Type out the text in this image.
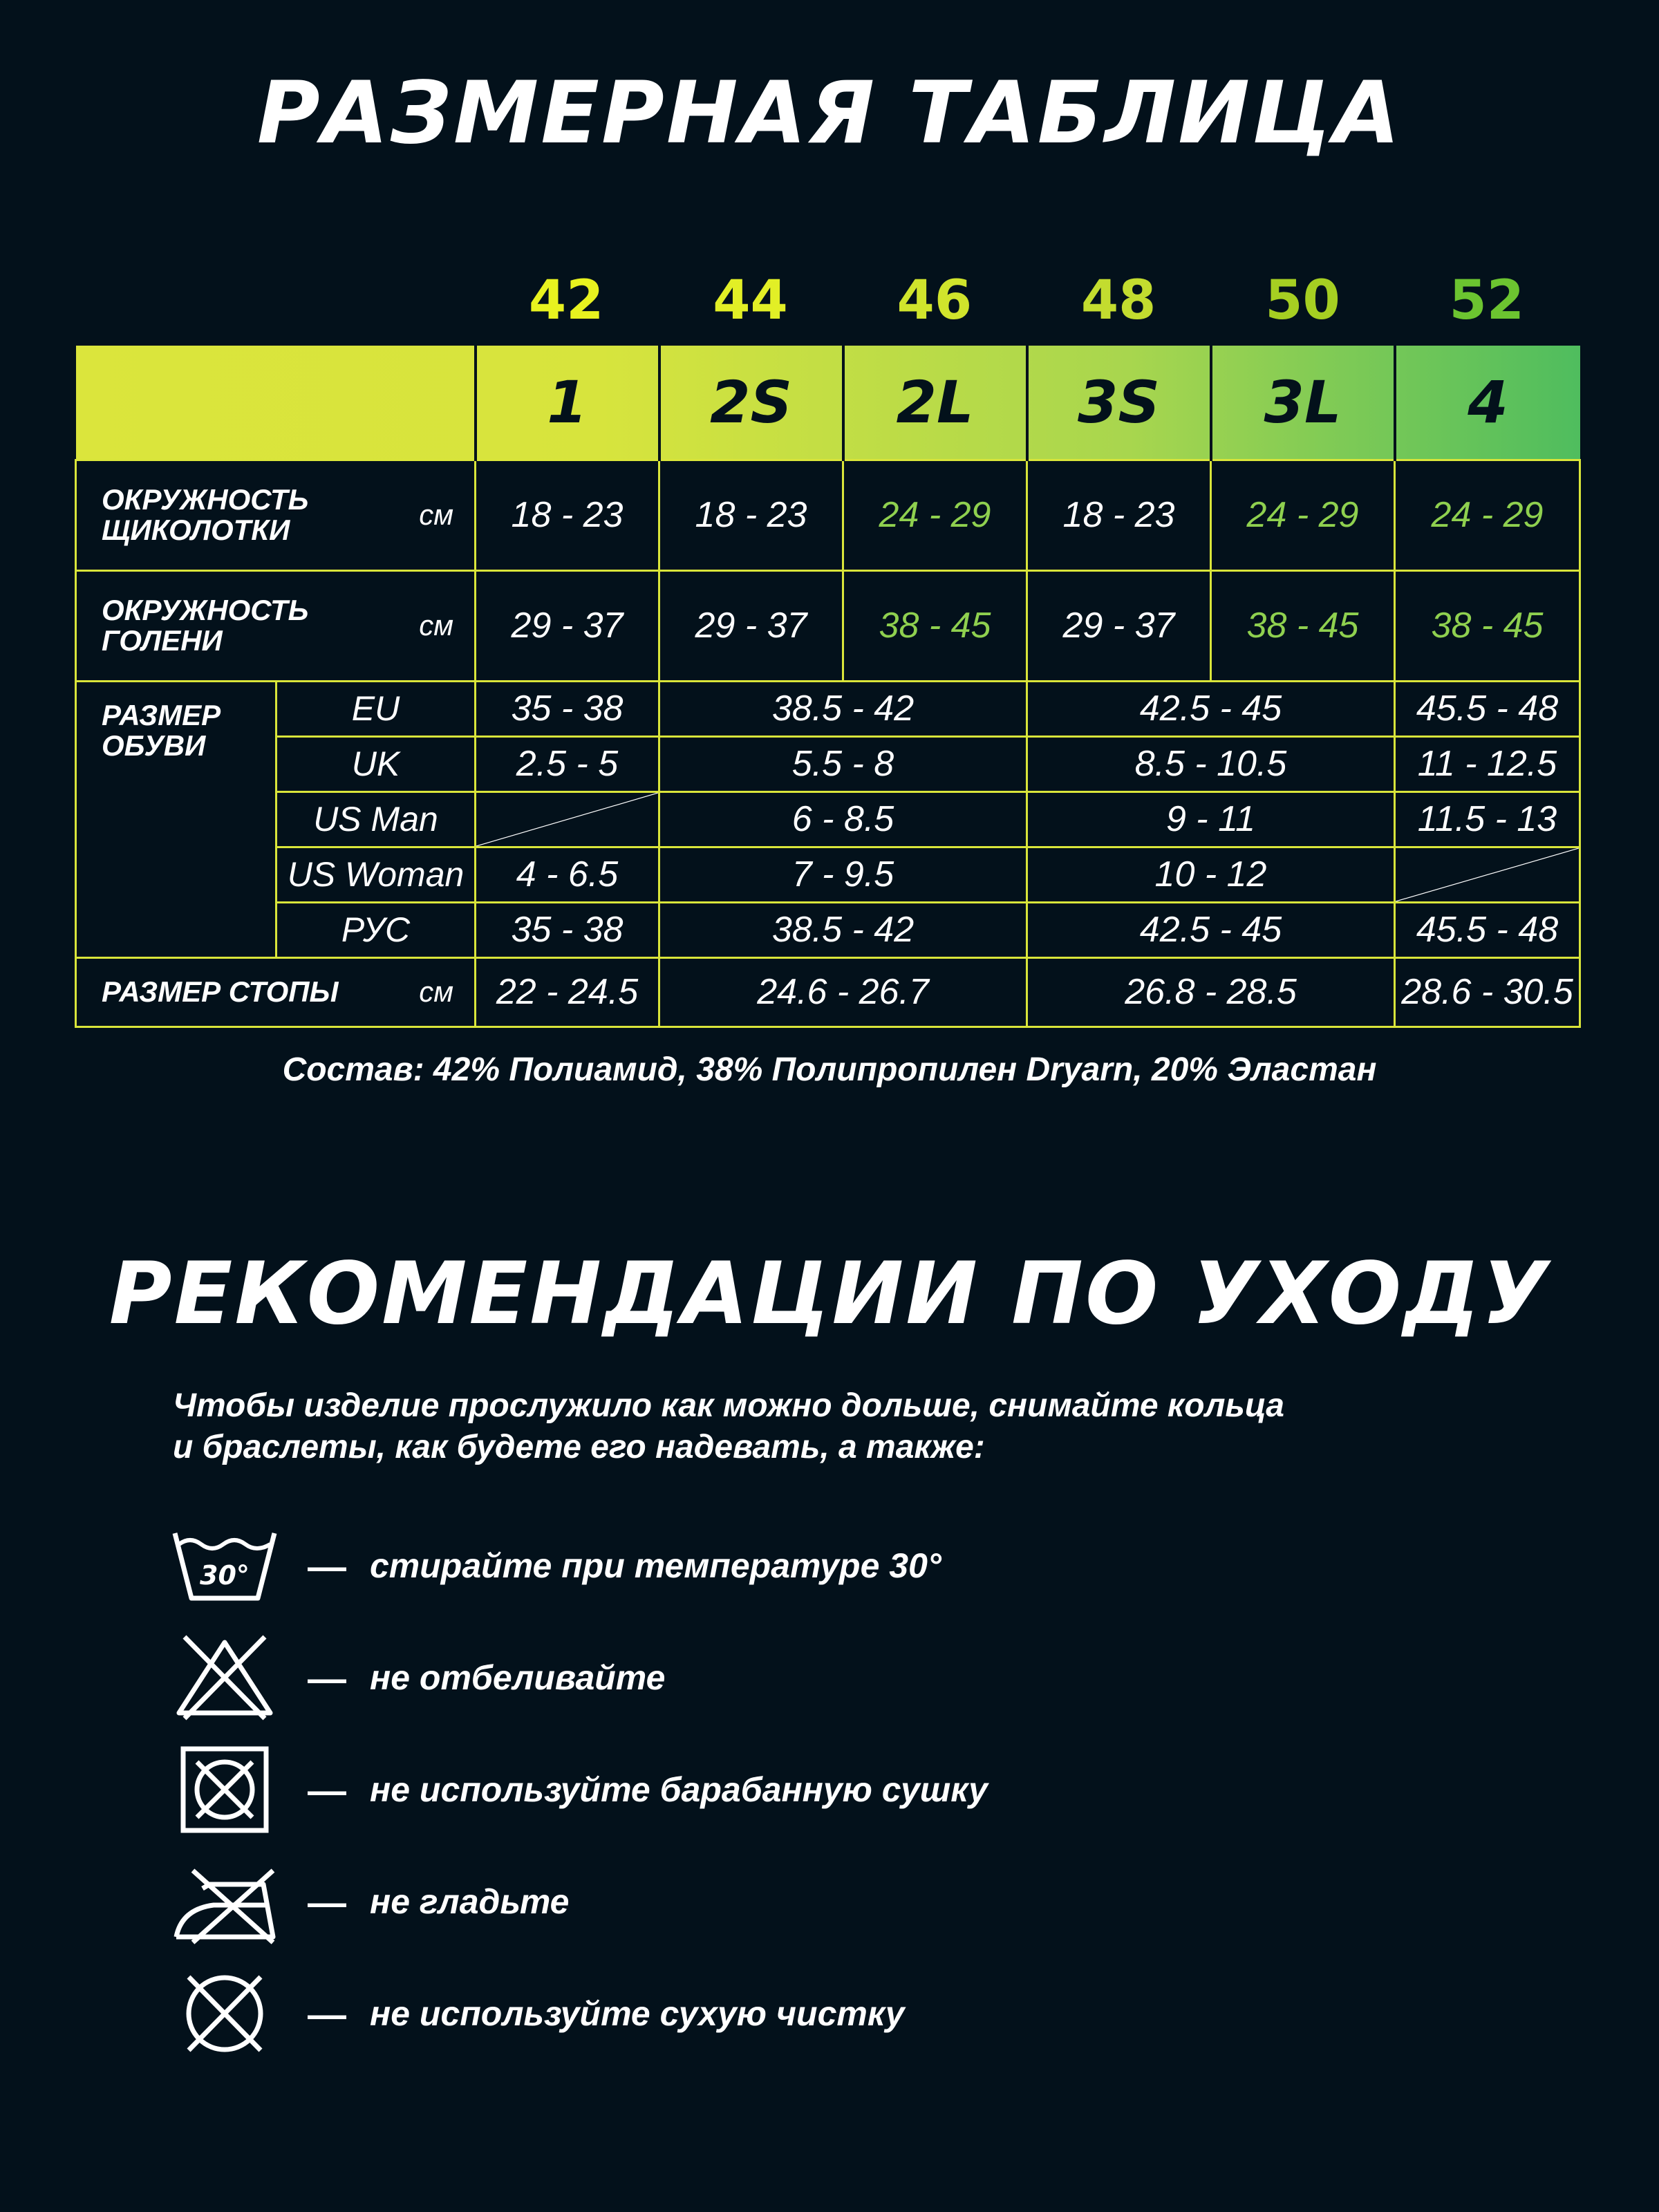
РАЗМЕРНАЯ ТАБЛИЦА
42	44	46	48	50	52
		1	2S	2L	3S	3L	4

ОКРУЖНОСТЬ
ЩИКОЛОТКИ см		18 - 23	18 - 23	24 - 29	18 - 23	24 - 29	24 - 29

ОКРУЖНОСТЬ
ГОЛЕНИ см		29 - 37	29 - 37	38 - 45	29 - 37	38 - 45	38 - 45

РАЗМЕР
ОБУВИ	EU	35 - 38	38.5 - 42		42.5 - 45		45.5 - 48
	UK	2.5 - 5	5.5 - 8		8.5 - 10.5		11 - 12.5
	US Man		6 - 8.5		9 - 11		11.5 - 13
	US Woman	4 - 6.5	7 - 9.5		10 - 12	

	РУС	35 - 38	38.5 - 42		42.5 - 45		45.5 - 48
РАЗМЕР СТОПЫ см		22 - 24.5	24.6 - 26.7		26.8 - 28.5		28.6 - 30.5
Состав: 42% Полиамид, 38% Полипропилен Dryarn, 20% Эластан
РЕКОМЕНДАЦИИ ПО УХОДУ
Чтобы изделие прослужило как можно дольше, снимайте кольца
и браслеты, как будете его надевать, а также:
30° — стирайте при температуре 30°
— не отбеливайте
— не используйте барабанную сушку
— не гладьте
— не используйте сухую чистку
